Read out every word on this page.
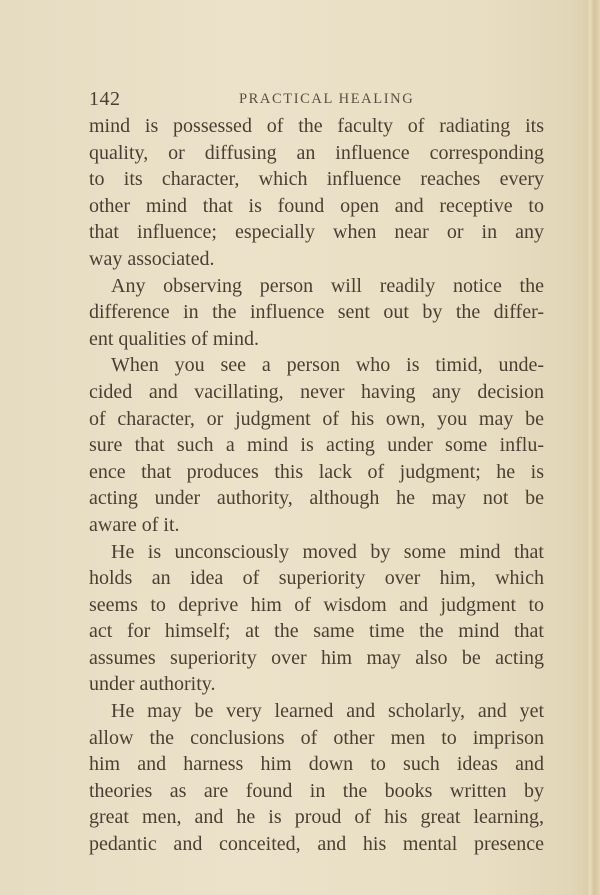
142	PRACTICAL HEALING
mind is possessed of the faculty of radiating its
quality, or diffusing an influence corresponding
to its character, which influence reaches every
other mind that is found open and receptive to
that influence; especially when near or in any
way associated.
Any observing person will readily notice the
difference in the influence sent out by the differ-
ent qualities of mind.
When you see a person who is timid, unde-
cided and vacillating, never having any decision
of character, or judgment of his own, you may be
sure that such a mind is acting under some influ-
ence that produces this lack of judgment; he is
acting under authority, although he may not be
aware of it.
He is unconsciously moved by some mind that
holds an idea of superiority over him, which
seems to deprive him of wisdom and judgment to
act for himself; at the same time the mind that
assumes superiority over him may also be acting
under authority.
He may be very learned and scholarly, and yet
allow the conclusions of other men to imprison
him and harness him down to such ideas and
theories as are found in the books written by
great men, and he is proud of his great learning,
pedantic and conceited, and his mental presence
